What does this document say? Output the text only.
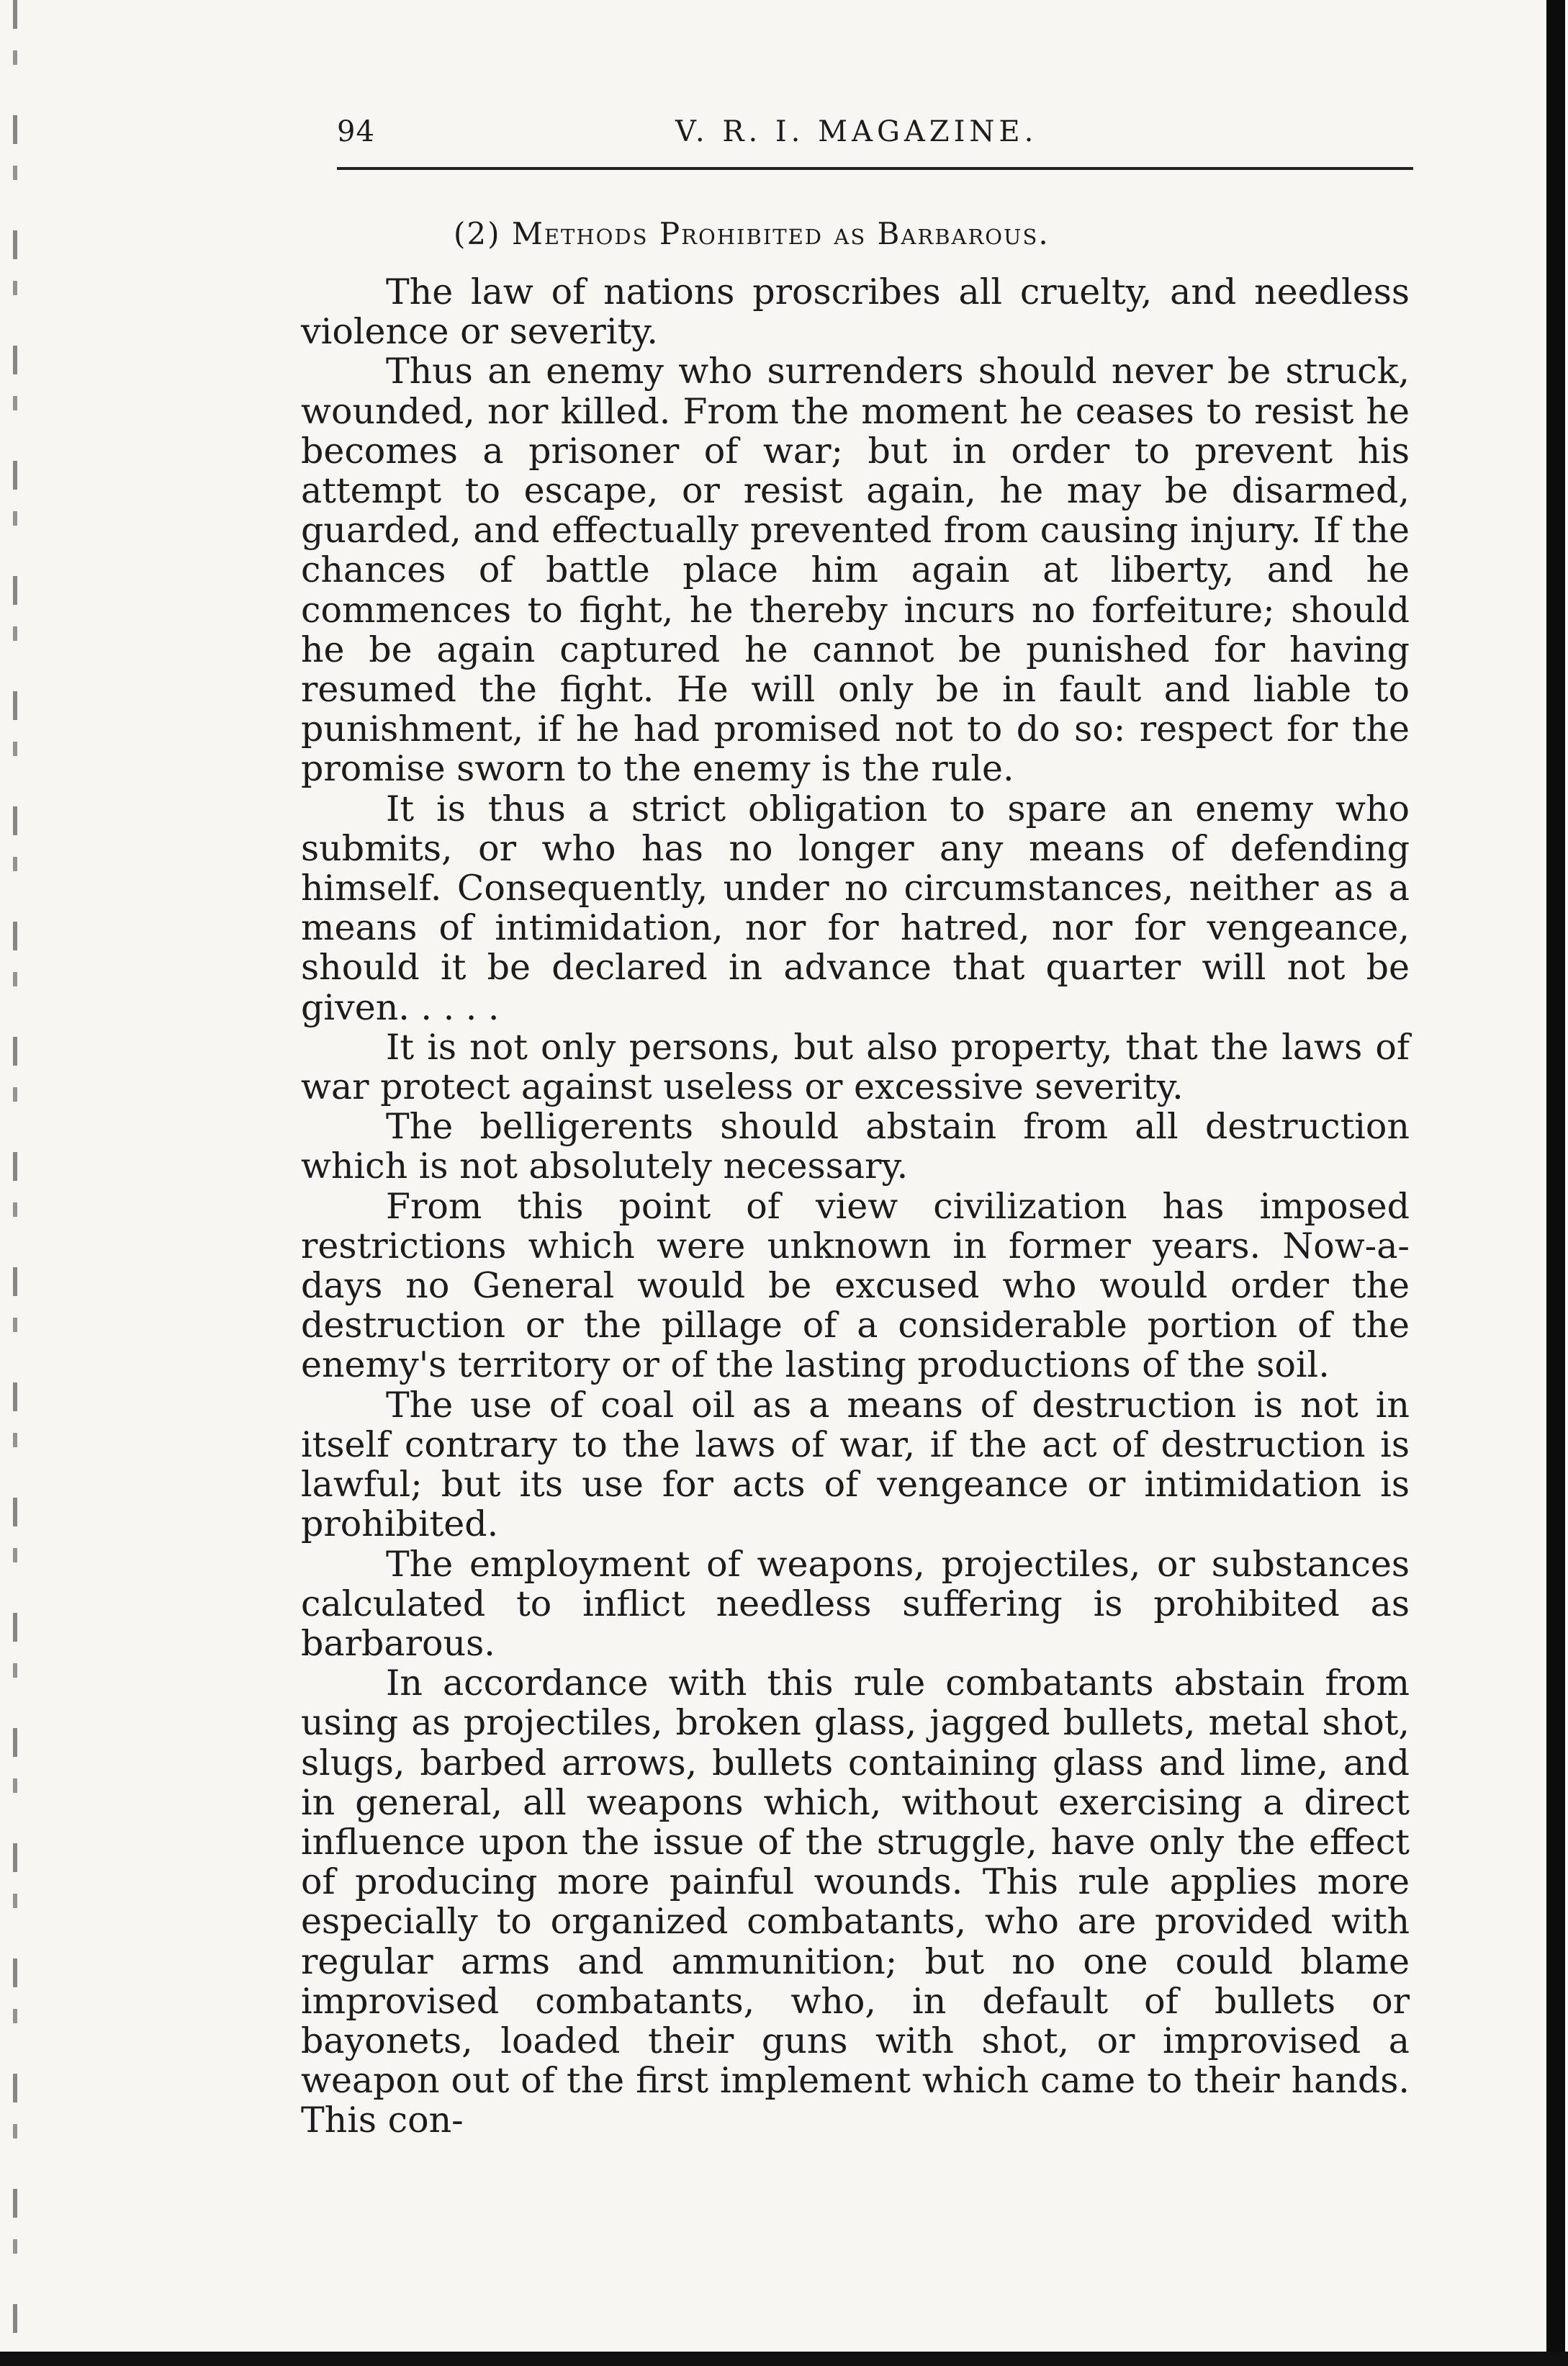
94	V. R. I. MAGAZINE.
(2) Methods Prohibited as Barbarous.

The law of nations proscribes all cruelty, and needless violence or severity.

Thus an enemy who surrenders should never be struck, wounded, nor killed. From the moment he ceases to resist he becomes a prisoner of war; but in order to prevent his attempt to escape, or resist again, he may be disarmed, guarded, and effectually prevented from causing injury. If the chances of battle place him again at liberty, and he commences to fight, he thereby incurs no forfeiture; should he be again captured he cannot be punished for having resumed the fight. He will only be in fault and liable to punishment, if he had promised not to do so: respect for the promise sworn to the enemy is the rule.

It is thus a strict obligation to spare an enemy who submits, or who has no longer any means of defending himself. Consequently, under no circumstances, neither as a means of intimidation, nor for hatred, nor for vengeance, should it be declared in advance that quarter will not be given. . . . .

It is not only persons, but also property, that the laws of war protect against useless or excessive severity.

The belligerents should abstain from all destruction which is not absolutely necessary.

From this point of view civilization has imposed restrictions which were unknown in former years. Now-a-days no General would be excused who would order the destruction or the pillage of a considerable portion of the enemy's territory or of the lasting productions of the soil.

The use of coal oil as a means of destruction is not in itself contrary to the laws of war, if the act of destruction is lawful; but its use for acts of vengeance or intimidation is prohibited.

The employment of weapons, projectiles, or substances calculated to inflict needless suffering is prohibited as barbarous.

In accordance with this rule combatants abstain from using as projectiles, broken glass, jagged bullets, metal shot, slugs, barbed arrows, bullets containing glass and lime, and in general, all weapons which, without exercising a direct influence upon the issue of the struggle, have only the effect of producing more painful wounds. This rule applies more especially to organized combatants, who are provided with regular arms and ammunition; but no one could blame improvised combatants, who, in default of bullets or bayonets, loaded their guns with shot, or improvised a weapon out of the first implement which came to their hands. This con-
